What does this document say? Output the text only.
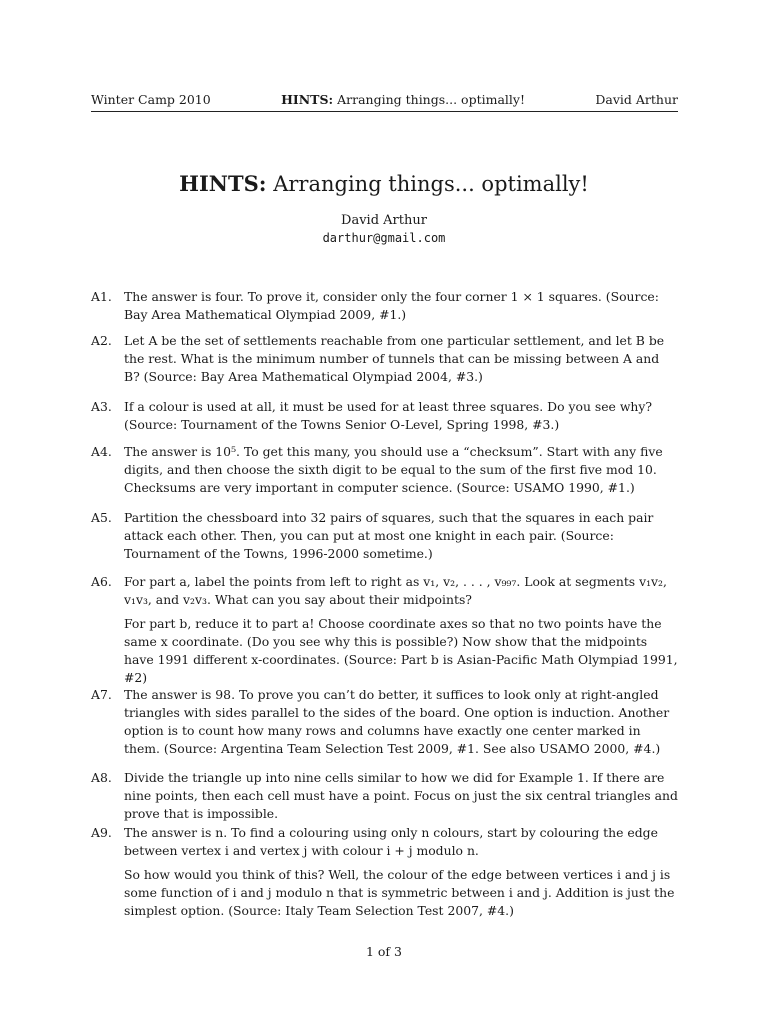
Winter Camp 2010	HINTS: Arranging things... optimally!	David Arthur
HINTS: Arranging things... optimally!
David Arthur
darthur@gmail.com
A1. The answer is four. To prove it, consider only the four corner 1 × 1 squares. (Source: Bay Area Mathematical Olympiad 2009, #1.)

A2. Let A be the set of settlements reachable from one particular settlement, and let B be the rest. What is the minimum number of tunnels that can be missing between A and B? (Source: Bay Area Mathematical Olympiad 2004, #3.)

A3. If a colour is used at all, it must be used for at least three squares. Do you see why? (Source: Tournament of the Towns Senior O-Level, Spring 1998, #3.)

A4. The answer is 10⁵. To get this many, you should use a “checksum”. Start with any five digits, and then choose the sixth digit to be equal to the sum of the first five mod 10. Checksums are very important in computer science. (Source: USAMO 1990, #1.)

A5. Partition the chessboard into 32 pairs of squares, such that the squares in each pair attack each other. Then, you can put at most one knight in each pair. (Source: Tournament of the Towns, 1996-2000 sometime.)

A6. For part a, label the points from left to right as v₁, v₂, . . . , v₉₉₇. Look at segments v₁v₂, v₁v₃, and v₂v₃. What can you say about their midpoints?

For part b, reduce it to part a! Choose coordinate axes so that no two points have the same x coordinate. (Do you see why this is possible?) Now show that the midpoints have 1991 different x-coordinates. (Source: Part b is Asian-Pacific Math Olympiad 1991, #2)

A7. The answer is 98. To prove you can’t do better, it suffices to look only at right-angled triangles with sides parallel to the sides of the board. One option is induction. Another option is to count how many rows and columns have exactly one center marked in them. (Source: Argentina Team Selection Test 2009, #1. See also USAMO 2000, #4.)

A8. Divide the triangle up into nine cells similar to how we did for Example 1. If there are nine points, then each cell must have a point. Focus on just the six central triangles and prove that is impossible.

A9. The answer is n. To find a colouring using only n colours, start by colouring the edge between vertex i and vertex j with colour i + j modulo n.

So how would you think of this? Well, the colour of the edge between vertices i and j is some function of i and j modulo n that is symmetric between i and j. Addition is just the simplest option. (Source: Italy Team Selection Test 2007, #4.)

1 of 3
